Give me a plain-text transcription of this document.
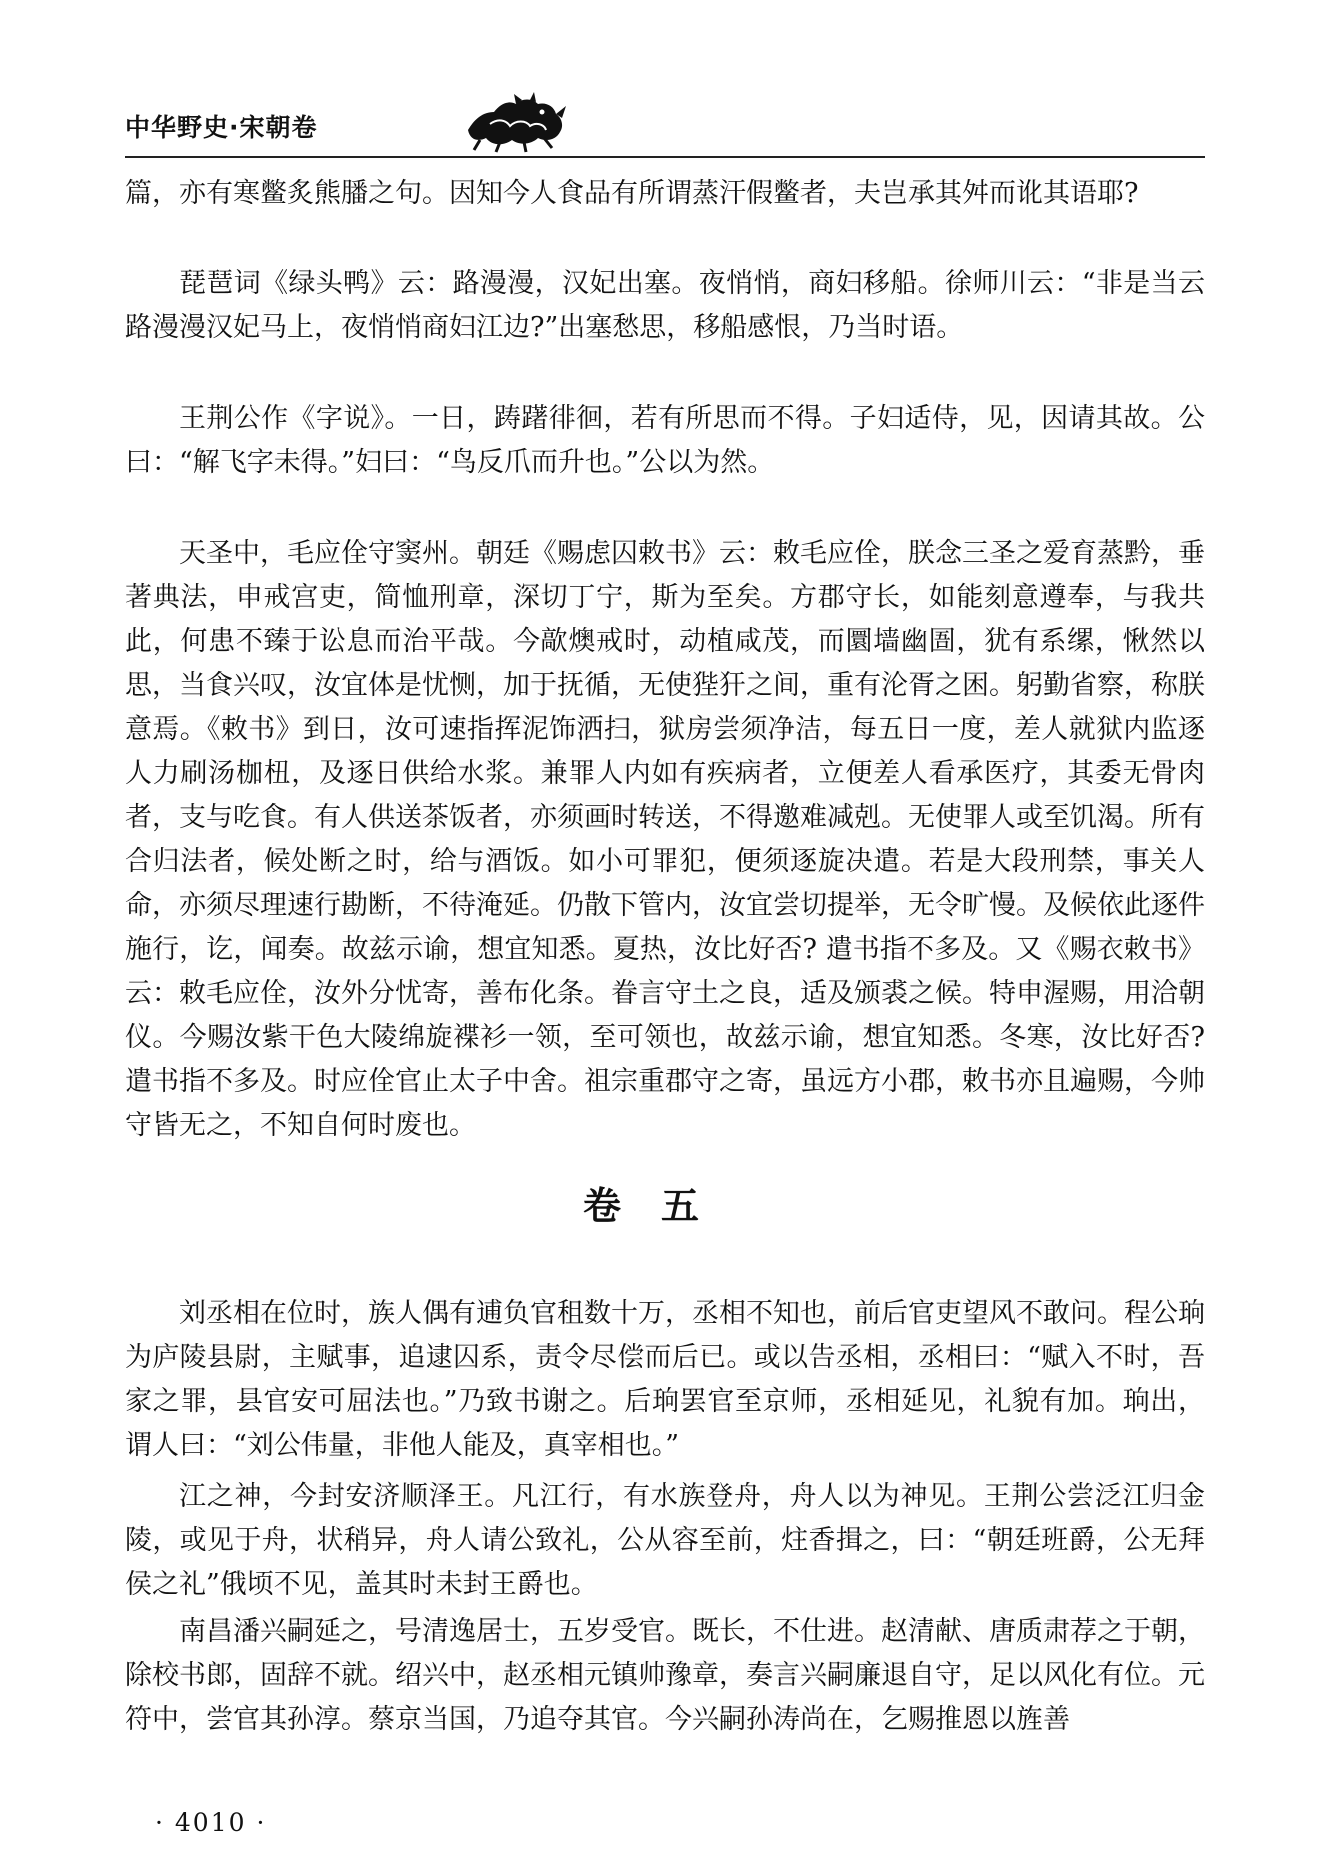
中华野史·宋朝卷

篇，亦有寒鳖炙熊膰之句。因知今人食品有所谓蒸汗假鳖者，夫岂承其舛而讹其语耶?

琵琶词《绿头鸭》云：路漫漫，汉妃出塞。夜悄悄，商妇移船。徐师川云：“非是当云路漫漫汉妃马上，夜悄悄商妇江边?”出塞愁思，移船感恨，乃当时语。

王荆公作《字说》。一日，踌躇徘徊，若有所思而不得。子妇适侍，见，因请其故。公曰：“解飞字未得。”妇曰：“鸟反爪而升也。”公以为然。

天圣中，毛应佺守窦州。朝廷《赐虑囚敕书》云：敕毛应佺，朕念三圣之爱育蒸黔，垂著典法，申戒宫吏，简恤刑章，深切丁宁，斯为至矣。方郡守长，如能刻意遵奉，与我共此，何患不臻于讼息而治平哉。今歊燠戒时，动植咸茂，而圜墙幽圄，犹有系缧，愀然以思，当食兴叹，汝宜体是忧恻，加于抚循，无使狴犴之间，重有沦胥之困。躬勤省察，称朕意焉。《敕书》到日，汝可速指挥泥饰洒扫，狱房尝须净洁，每五日一度，差人就狱内监逐人力刷汤枷杻，及逐日供给水浆。兼罪人内如有疾病者，立便差人看承医疗，其委无骨肉者，支与吃食。有人供送茶饭者，亦须画时转送，不得邀难减剋。无使罪人或至饥渴。所有合归法者，候处断之时，给与酒饭。如小可罪犯，便须逐旋决遣。若是大段刑禁，事关人命，亦须尽理速行勘断，不待淹延。仍散下管内，汝宜尝切提举，无令旷慢。及候依此逐件施行，讫，闻奏。故兹示谕，想宜知悉。夏热，汝比好否? 遣书指不多及。又《赐衣敕书》云：敕毛应佺，汝外分忧寄，善布化条。眷言守土之良，适及颁裘之候。特申渥赐，用洽朝仪。今赐汝紫干色大陵绵旋褋衫一领，至可领也，故兹示谕，想宜知悉。冬寒，汝比好否? 遣书指不多及。时应佺官止太子中舍。祖宗重郡守之寄，虽远方小郡，敕书亦且遍赐，今帅守皆无之，不知自何时废也。

卷五

刘丞相在位时，族人偶有逋负官租数十万，丞相不知也，前后官吏望风不敢问。程公珦为庐陵县尉，主赋事，追逮囚系，责令尽偿而后已。或以告丞相，丞相曰：“赋入不时，吾家之罪，县官安可屈法也。”乃致书谢之。后珦罢官至京师，丞相延见，礼貌有加。珦出，谓人曰：“刘公伟量，非他人能及，真宰相也。”

江之神，今封安济顺泽王。凡江行，有水族登舟，舟人以为神见。王荆公尝泛江归金陵，或见于舟，状稍异，舟人请公致礼，公从容至前，炷香揖之，曰：“朝廷班爵，公无拜侯之礼”俄顷不见，盖其时未封王爵也。

南昌潘兴嗣延之，号清逸居士，五岁受官。既长，不仕进。赵清献、唐质肃荐之于朝，除校书郎，固辞不就。绍兴中，赵丞相元镇帅豫章，奏言兴嗣廉退自守，足以风化有位。元符中，尝官其孙淳。蔡京当国，乃追夺其官。今兴嗣孙涛尚在，乞赐推恩以旌善

· 4010 ·
